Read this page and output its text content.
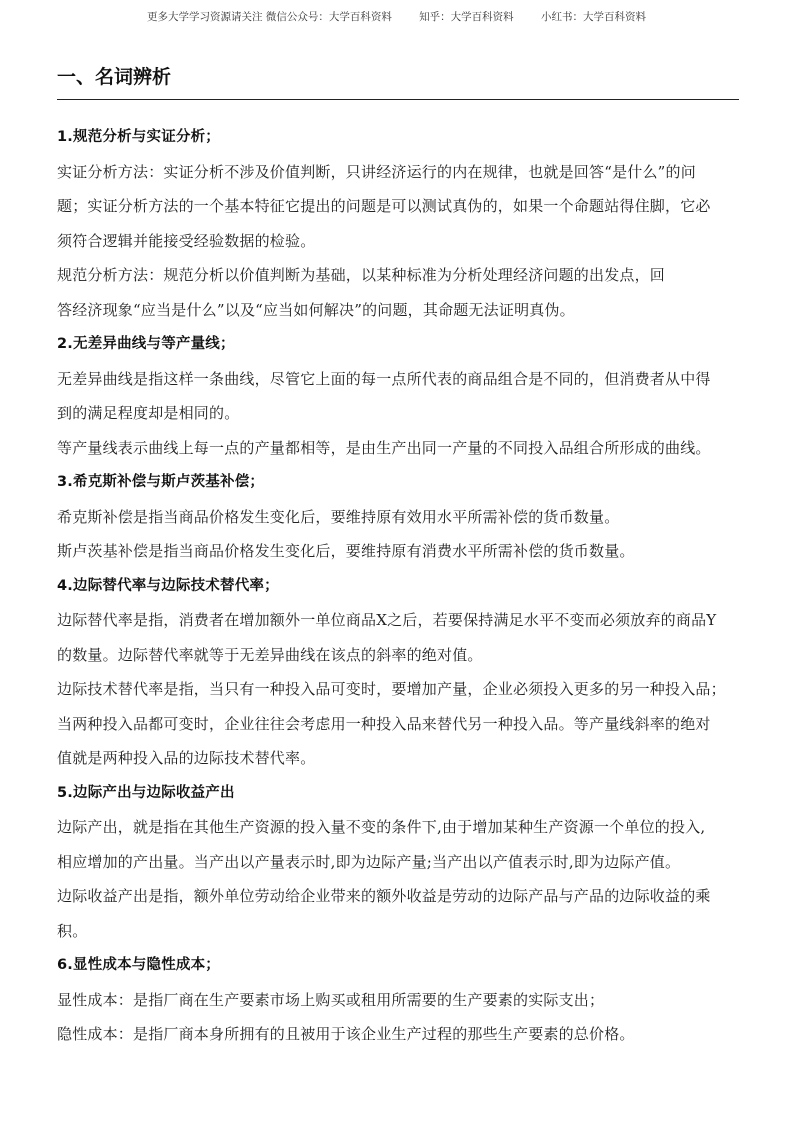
更多大学学习资源请关注 微信公众号：大学百科资料	知乎：大学百科资料	小红书：大学百科资料
一、名词辨析
1.规范分析与实证分析；
实证分析方法：实证分析不涉及价值判断，只讲经济运行的内在规律，也就是回答“是什么”的问
题；实证分析方法的一个基本特征它提出的问题是可以测试真伪的，如果一个命题站得住脚，它必
须符合逻辑并能接受经验数据的检验。
规范分析方法：规范分析以价值判断为基础，以某种标准为分析处理经济问题的出发点，回
答经济现象“应当是什么”以及“应当如何解决”的问题，其命题无法证明真伪。
2.无差异曲线与等产量线；
无差异曲线是指这样一条曲线，尽管它上面的每一点所代表的商品组合是不同的，但消费者从中得
到的满足程度却是相同的。
等产量线表示曲线上每一点的产量都相等，是由生产出同一产量的不同投入品组合所形成的曲线。
3.希克斯补偿与斯卢茨基补偿；
希克斯补偿是指当商品价格发生变化后，要维持原有效用水平所需补偿的货币数量。
斯卢茨基补偿是指当商品价格发生变化后，要维持原有消费水平所需补偿的货币数量。
4.边际替代率与边际技术替代率；
边际替代率是指，消费者在增加额外一单位商品X之后，若要保持满足水平不变而必须放弃的商品Y
的数量。边际替代率就等于无差异曲线在该点的斜率的绝对值。
边际技术替代率是指，当只有一种投入品可变时，要增加产量，企业必须投入更多的另一种投入品；
当两种投入品都可变时，企业往往会考虑用一种投入品来替代另一种投入品。等产量线斜率的绝对
值就是两种投入品的边际技术替代率。
5.边际产出与边际收益产出
边际产出，就是指在其他生产资源的投入量不变的条件下,由于增加某种生产资源一个单位的投入,
相应增加的产出量。当产出以产量表示时,即为边际产量;当产出以产值表示时,即为边际产值。
边际收益产出是指，额外单位劳动给企业带来的额外收益是劳动的边际产品与产品的边际收益的乘
积。
6.显性成本与隐性成本；
显性成本：是指厂商在生产要素市场上购买或租用所需要的生产要素的实际支出；
隐性成本：是指厂商本身所拥有的且被用于该企业生产过程的那些生产要素的总价格。
